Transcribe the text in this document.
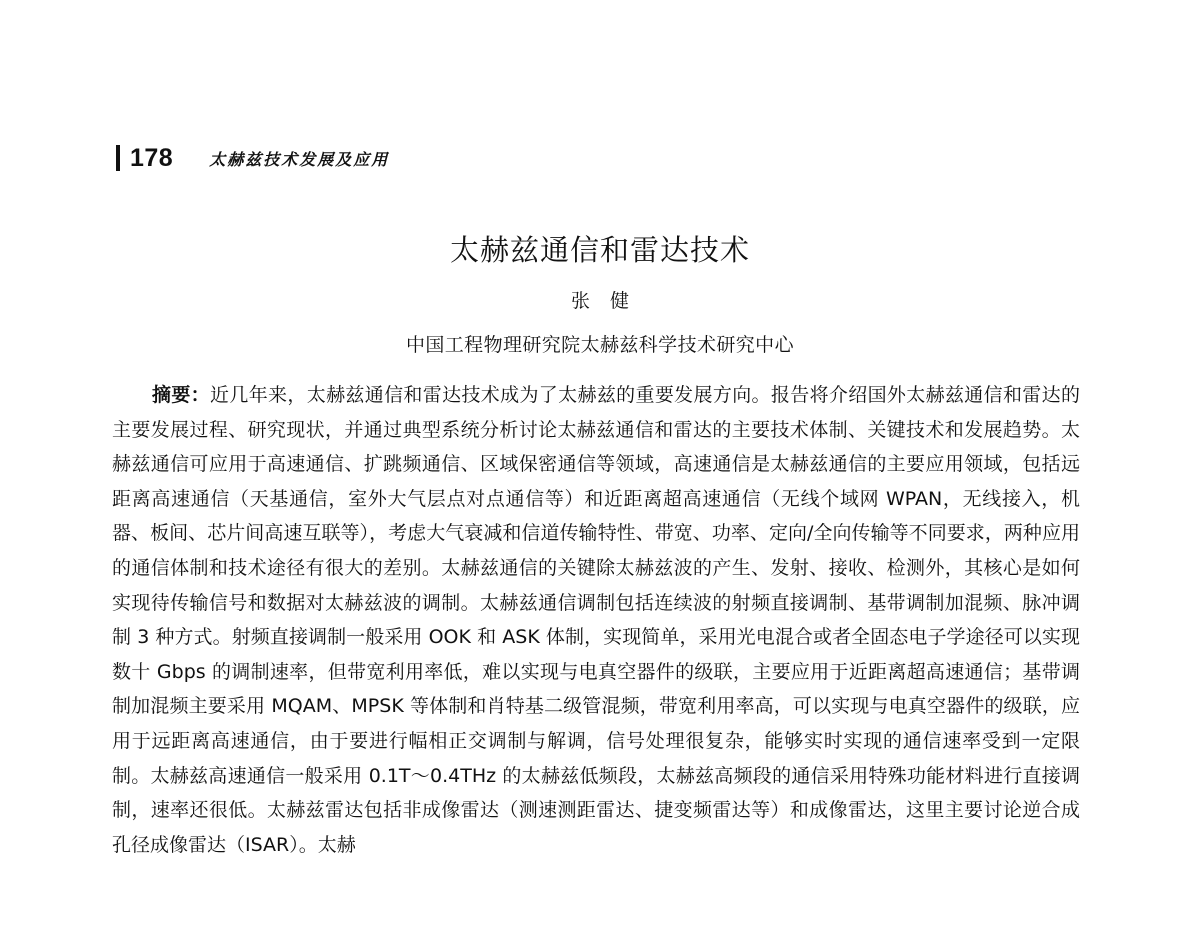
178 太赫兹技术发展及应用
太赫兹通信和雷达技术
张健
中国工程物理研究院太赫兹科学技术研究中心

摘要：近几年来，太赫兹通信和雷达技术成为了太赫兹的重要发展方向。报告将介绍国外太赫兹通信和雷达的主要发展过程、研究现状，并通过典型系统分析讨论太赫兹通信和雷达的主要技术体制、关键技术和发展趋势。太赫兹通信可应用于高速通信、扩跳频通信、区域保密通信等领域，高速通信是太赫兹通信的主要应用领域，包括远距离高速通信（天基通信，室外大气层点对点通信等）和近距离超高速通信（无线个域网 WPAN，无线接入，机器、板间、芯片间高速互联等），考虑大气衰减和信道传输特性、带宽、功率、定向/全向传输等不同要求，两种应用的通信体制和技术途径有很大的差别。太赫兹通信的关键除太赫兹波的产生、发射、接收、检测外，其核心是如何实现待传输信号和数据对太赫兹波的调制。太赫兹通信调制包括连续波的射频直接调制、基带调制加混频、脉冲调制 3 种方式。射频直接调制一般采用 OOK 和 ASK 体制，实现简单，采用光电混合或者全固态电子学途径可以实现数十 Gbps 的调制速率，但带宽利用率低，难以实现与电真空器件的级联，主要应用于近距离超高速通信；基带调制加混频主要采用 MQAM、MPSK 等体制和肖特基二级管混频，带宽利用率高，可以实现与电真空器件的级联，应用于远距离高速通信，由于要进行幅相正交调制与解调，信号处理很复杂，能够实时实现的通信速率受到一定限制。太赫兹高速通信一般采用 0.1T～0.4THz 的太赫兹低频段，太赫兹高频段的通信采用特殊功能材料进行直接调制，速率还很低。太赫兹雷达包括非成像雷达（测速测距雷达、捷变频雷达等）和成像雷达，这里主要讨论逆合成孔径成像雷达（ISAR）。太赫
